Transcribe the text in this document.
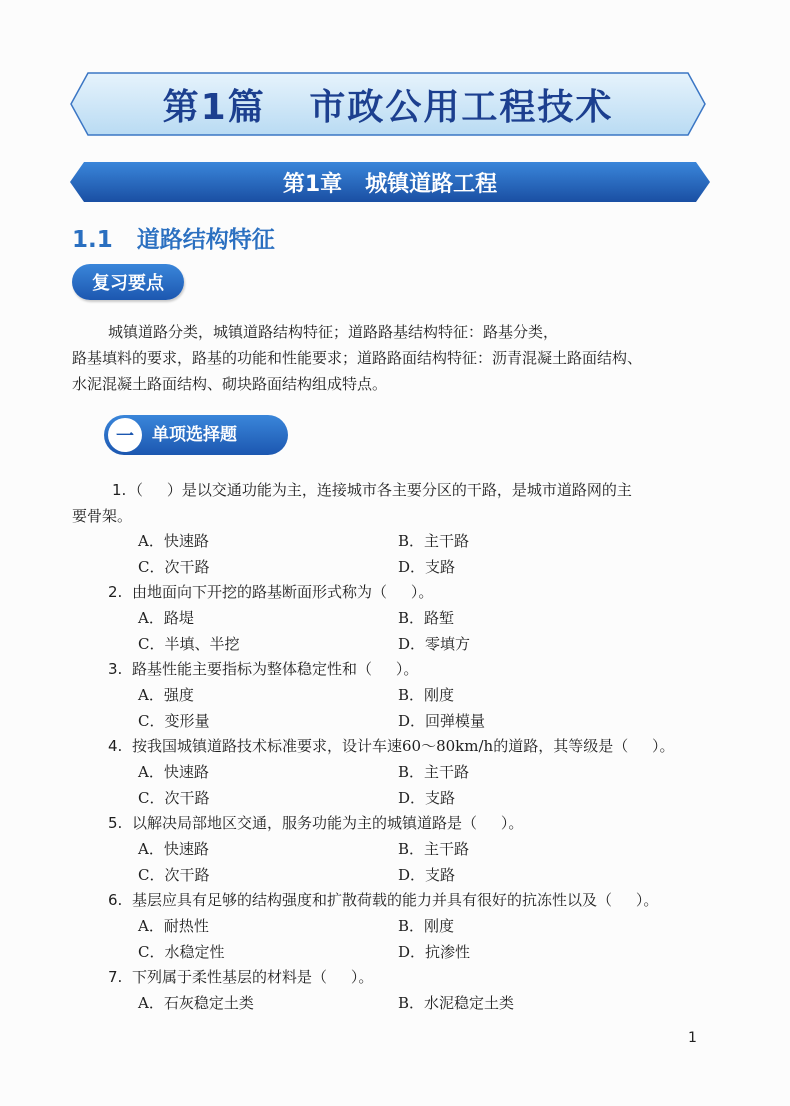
第1篇   市政公用工程技术
第1章   城镇道路工程
1.1   道路结构特征
复习要点
城镇道路分类，城镇道路结构特征；道路路基结构特征：路基分类，
路基填料的要求，路基的功能和性能要求；道路路面结构特征：沥青混凝土路面结构、
水泥混凝土路面结构、砌块路面结构组成特点。
一	单项选择题
1. （     ）是以交通功能为主，连接城市各主要分区的干路，是城市道路网的主
要骨架。
A．快速路	B．主干路
C．次干路	D．支路
2. 由地面向下开挖的路基断面形式称为（     ）。
A．路堤	B．路堑
C．半填、半挖	D．零填方
3. 路基性能主要指标为整体稳定性和（     ）。
A．强度	B．刚度
C．变形量	D．回弹模量
4. 按我国城镇道路技术标准要求，设计车速60～80km/h的道路，其等级是（     ）。
A．快速路	B．主干路
C．次干路	D．支路
5. 以解决局部地区交通，服务功能为主的城镇道路是（     ）。
A．快速路	B．主干路
C．次干路	D．支路
6. 基层应具有足够的结构强度和扩散荷载的能力并具有很好的抗冻性以及（     ）。
A．耐热性	B．刚度
C．水稳定性	D．抗渗性
7. 下列属于柔性基层的材料是（     ）。
A．石灰稳定土类	B．水泥稳定土类
1
